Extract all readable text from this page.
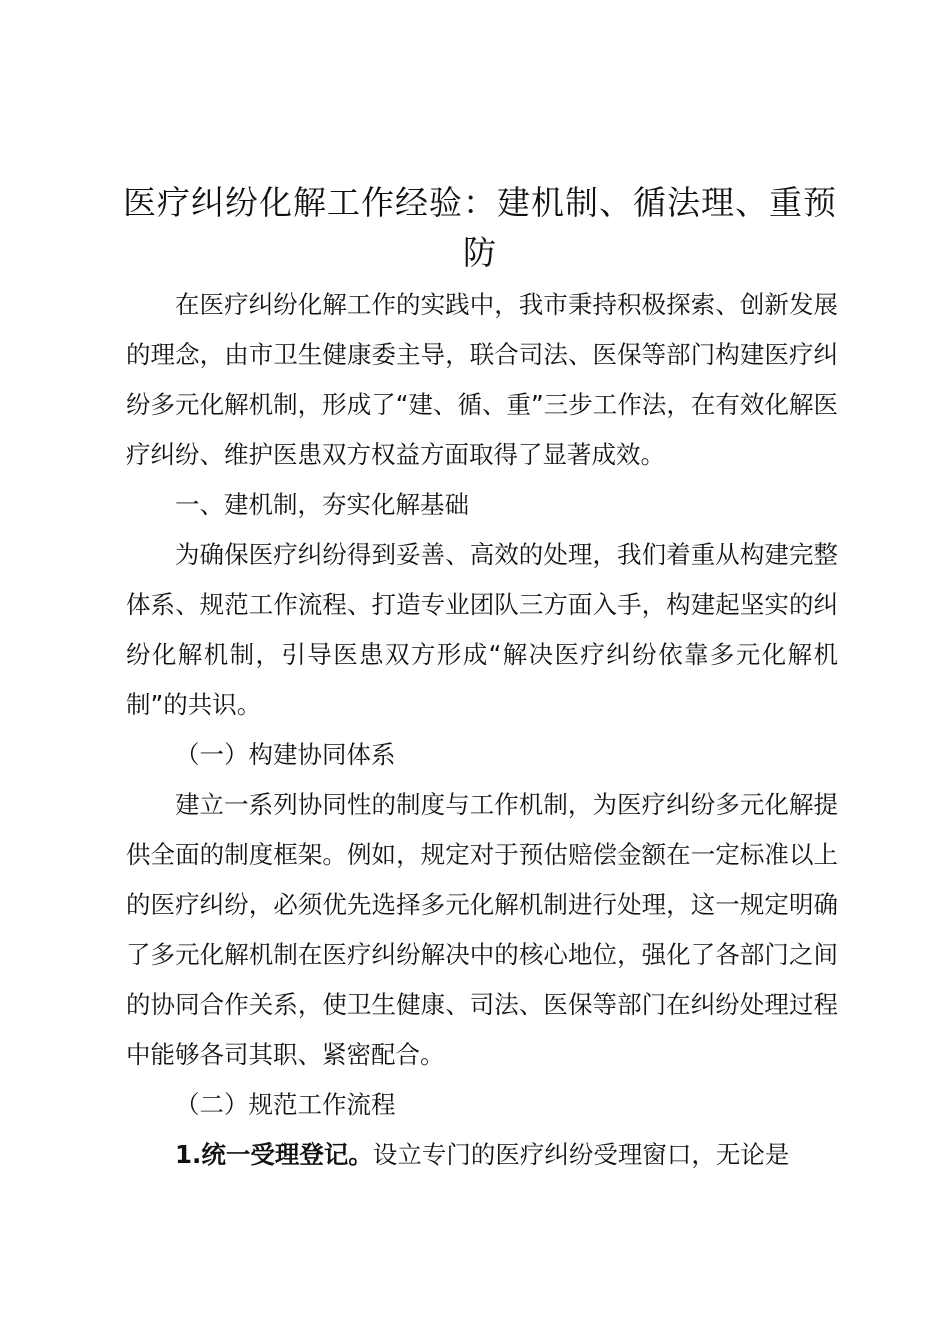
医疗纠纷化解工作经验：建机制、循法理、重预防

在医疗纠纷化解工作的实践中，我市秉持积极探索、创新发展的理念，由市卫生健康委主导，联合司法、医保等部门构建医疗纠纷多元化解机制，形成了“建、循、重”三步工作法，在有效化解医疗纠纷、维护医患双方权益方面取得了显著成效。

一、建机制，夯实化解基础

为确保医疗纠纷得到妥善、高效的处理，我们着重从构建完整体系、规范工作流程、打造专业团队三方面入手，构建起坚实的纠纷化解机制，引导医患双方形成“解决医疗纠纷依靠多元化解机制”的共识。

（一）构建协同体系

建立一系列协同性的制度与工作机制，为医疗纠纷多元化解提供全面的制度框架。例如，规定对于预估赔偿金额在一定标准以上的医疗纠纷，必须优先选择多元化解机制进行处理，这一规定明确了多元化解机制在医疗纠纷解决中的核心地位，强化了各部门之间的协同合作关系，使卫生健康、司法、医保等部门在纠纷处理过程中能够各司其职、紧密配合。

（二）规范工作流程

1.统一受理登记。设立专门的医疗纠纷受理窗口，无论是
